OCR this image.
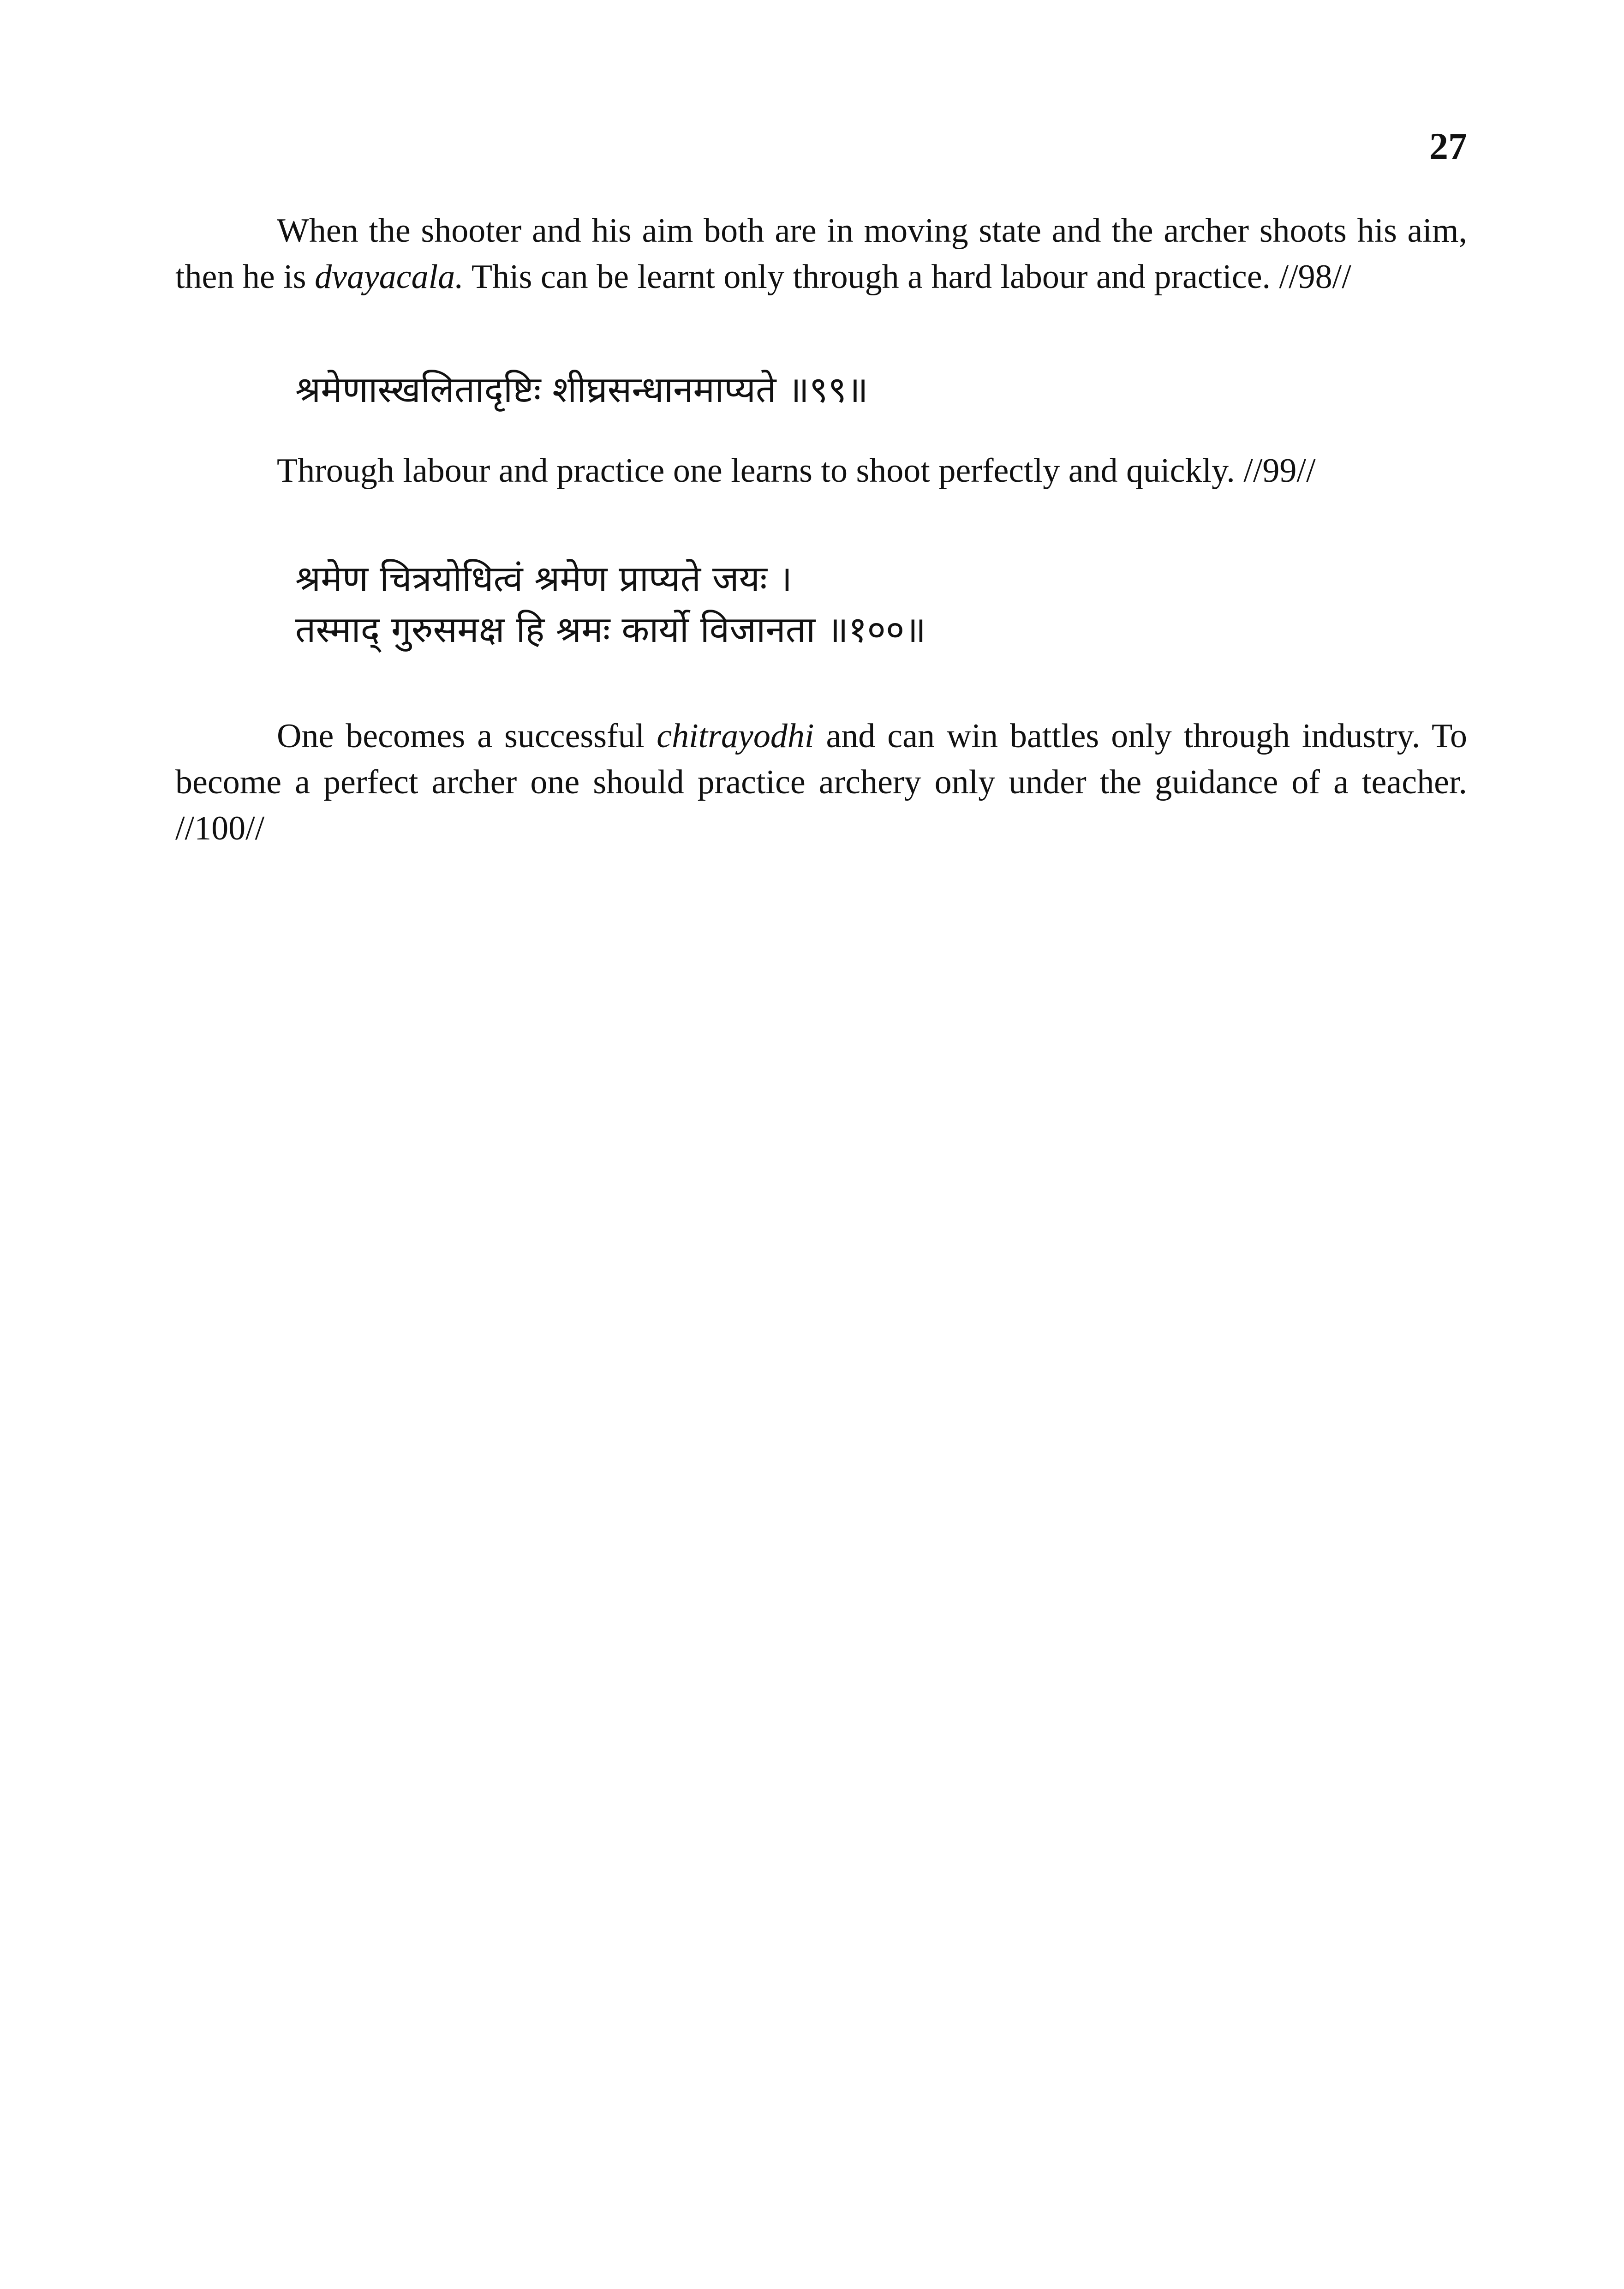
27

When the shooter and his aim both are in moving state and the archer shoots his aim, then he is dvayacala. This can be learnt only through a hard labour and practice. //98//

श्रमेणास्खलितादृष्टिः शीघ्रसन्धानमाप्यते ॥९९॥

Through labour and practice one learns to shoot perfectly and quickly. //99//

श्रमेण चित्रयोधित्वं श्रमेण प्राप्यते जयः ।
तस्माद् गुरुसमक्ष हि श्रमः कार्यो विजानता ॥१००॥

One becomes a successful chitrayodhi and can win battles only through industry. To become a perfect archer one should practice archery only under the guidance of a teacher. //100//
